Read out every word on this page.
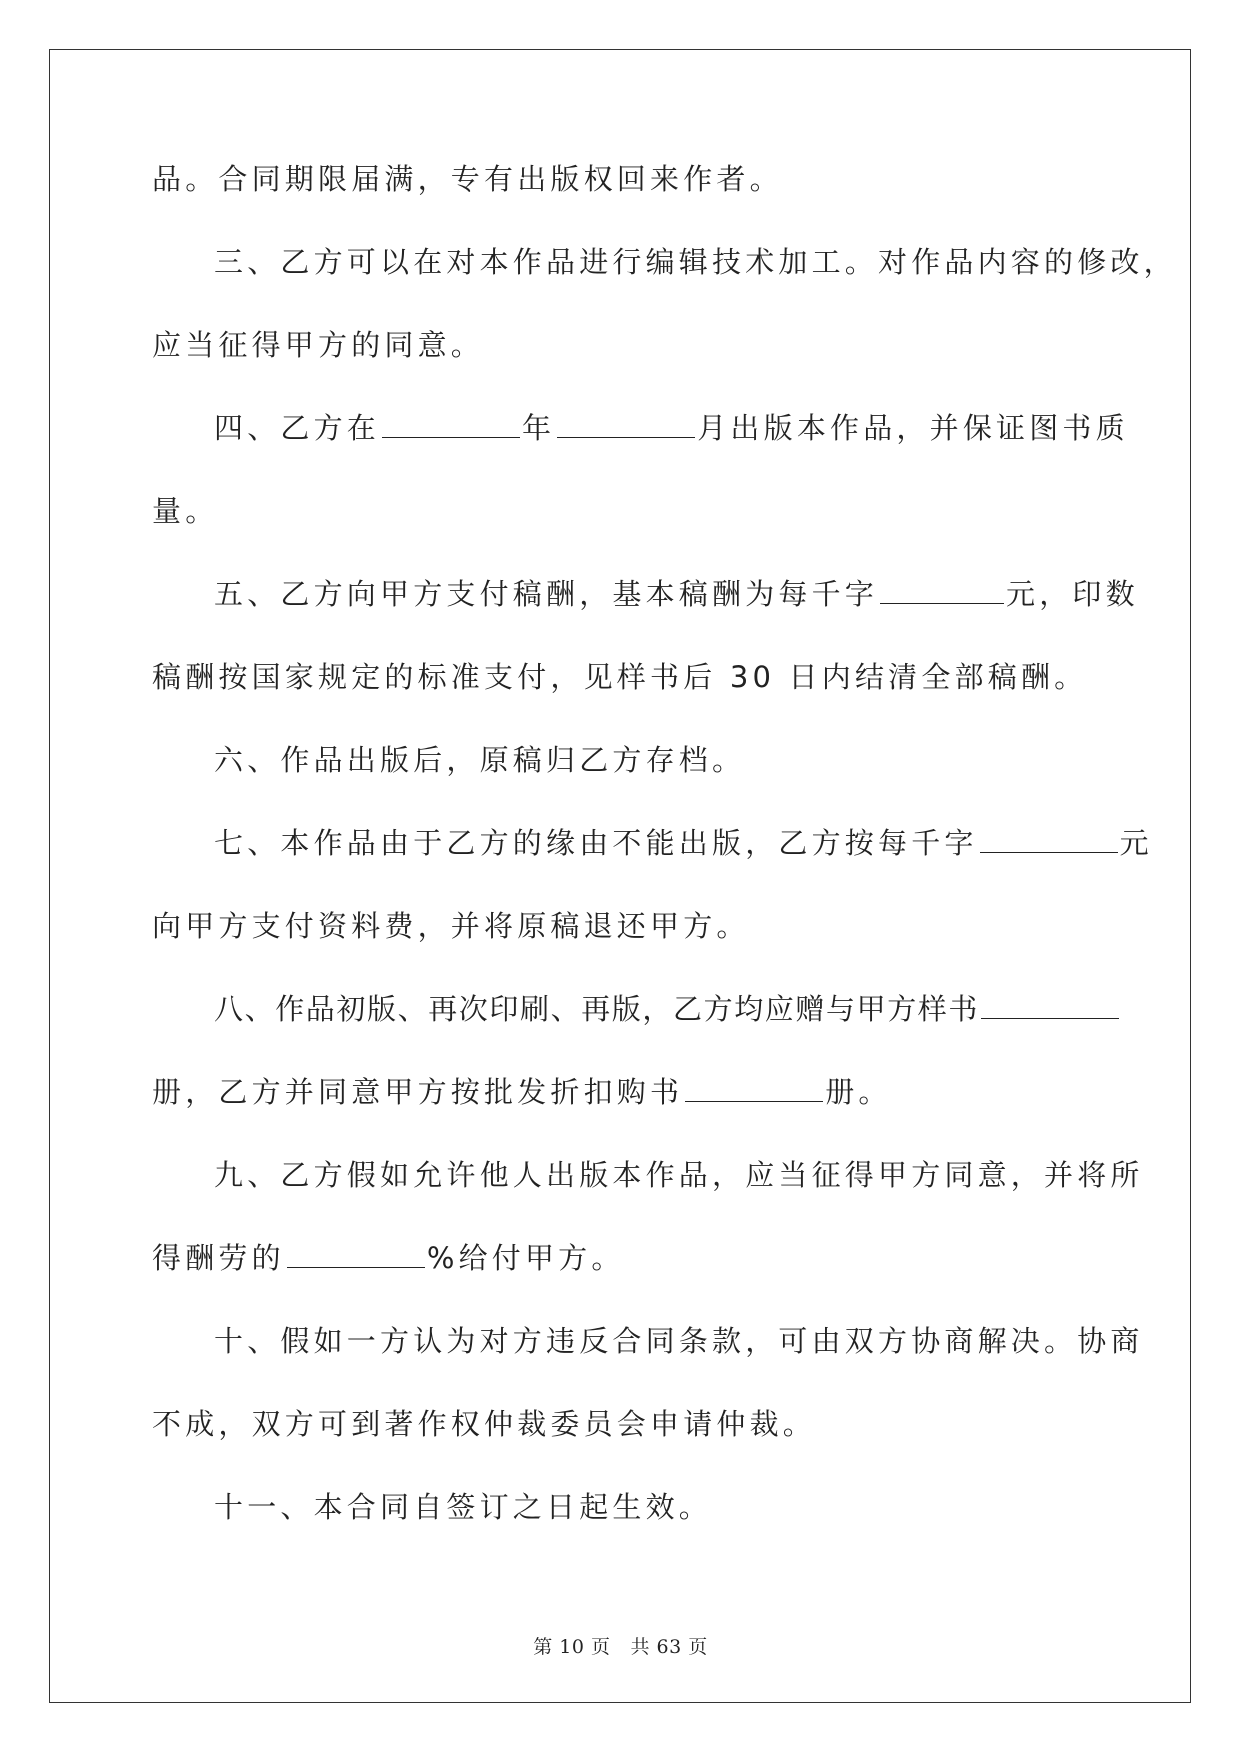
品。合同期限届满，专有出版权回来作者。
三、乙方可以在对本作品进行编辑技术加工。对作品内容的修改，
应当征得甲方的同意。
四、乙方在	年	月出版本作品，并保证图书质
量。
五、乙方向甲方支付稿酬，基本稿酬为每千字	元，印数
稿酬按国家规定的标准支付，见样书后 30 日内结清全部稿酬。
六、作品出版后，原稿归乙方存档。
七、本作品由于乙方的缘由不能出版，乙方按每千字	元
向甲方支付资料费，并将原稿退还甲方。
八、作品初版、再次印刷、再版，乙方均应赠与甲方样书
册，乙方并同意甲方按批发折扣购书	册。
九、乙方假如允许他人出版本作品，应当征得甲方同意，并将所
得酬劳的	%给付甲方。
十、假如一方认为对方违反合同条款，可由双方协商解决。协商
不成，双方可到著作权仲裁委员会申请仲裁。
十一、本合同自签订之日起生效。
第 10 页 共 63 页
